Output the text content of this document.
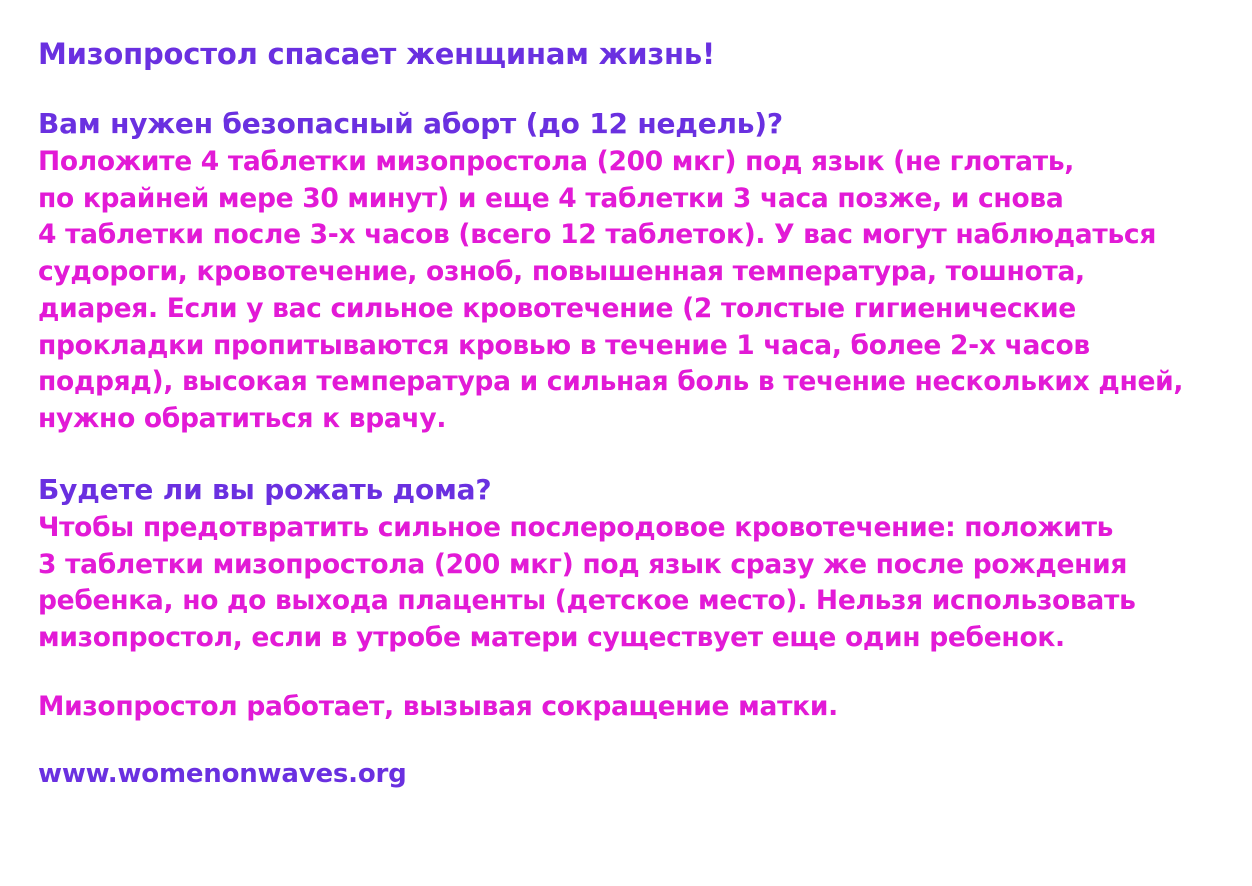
Мизопростол спасает женщинам жизнь!
Вам нужен безопасный аборт (до 12 недель)?
Положите 4 таблетки мизопростола (200 мкг) под язык (не глотать,
по крайней мере 30 минут) и еще 4 таблетки 3 часа позже, и снова
4 таблетки после 3-х часов (всего 12 таблеток). У вас могут наблюдаться
судороги, кровотечение, озноб, повышенная температура, тошнота,
диарея. Если у вас сильное кровотечение (2 толстые гигиенические
прокладки пропитываются кровью в течение 1 часа, более 2-х часов
подряд), высокая температура и сильная боль в течение нескольких дней,
нужно обратиться к врачу.
Будете ли вы рожать дома?
Чтобы предотвратить сильное послеродовое кровотечение: положить
3 таблетки мизопростола (200 мкг) под язык сразу же после рождения
ребенка, но до выхода плаценты (детское место). Нельзя использовать
мизопростол, если в утробе матери существует еще один ребенок.
Мизопростол работает, вызывая сокращение матки.
www.womenonwaves.org
